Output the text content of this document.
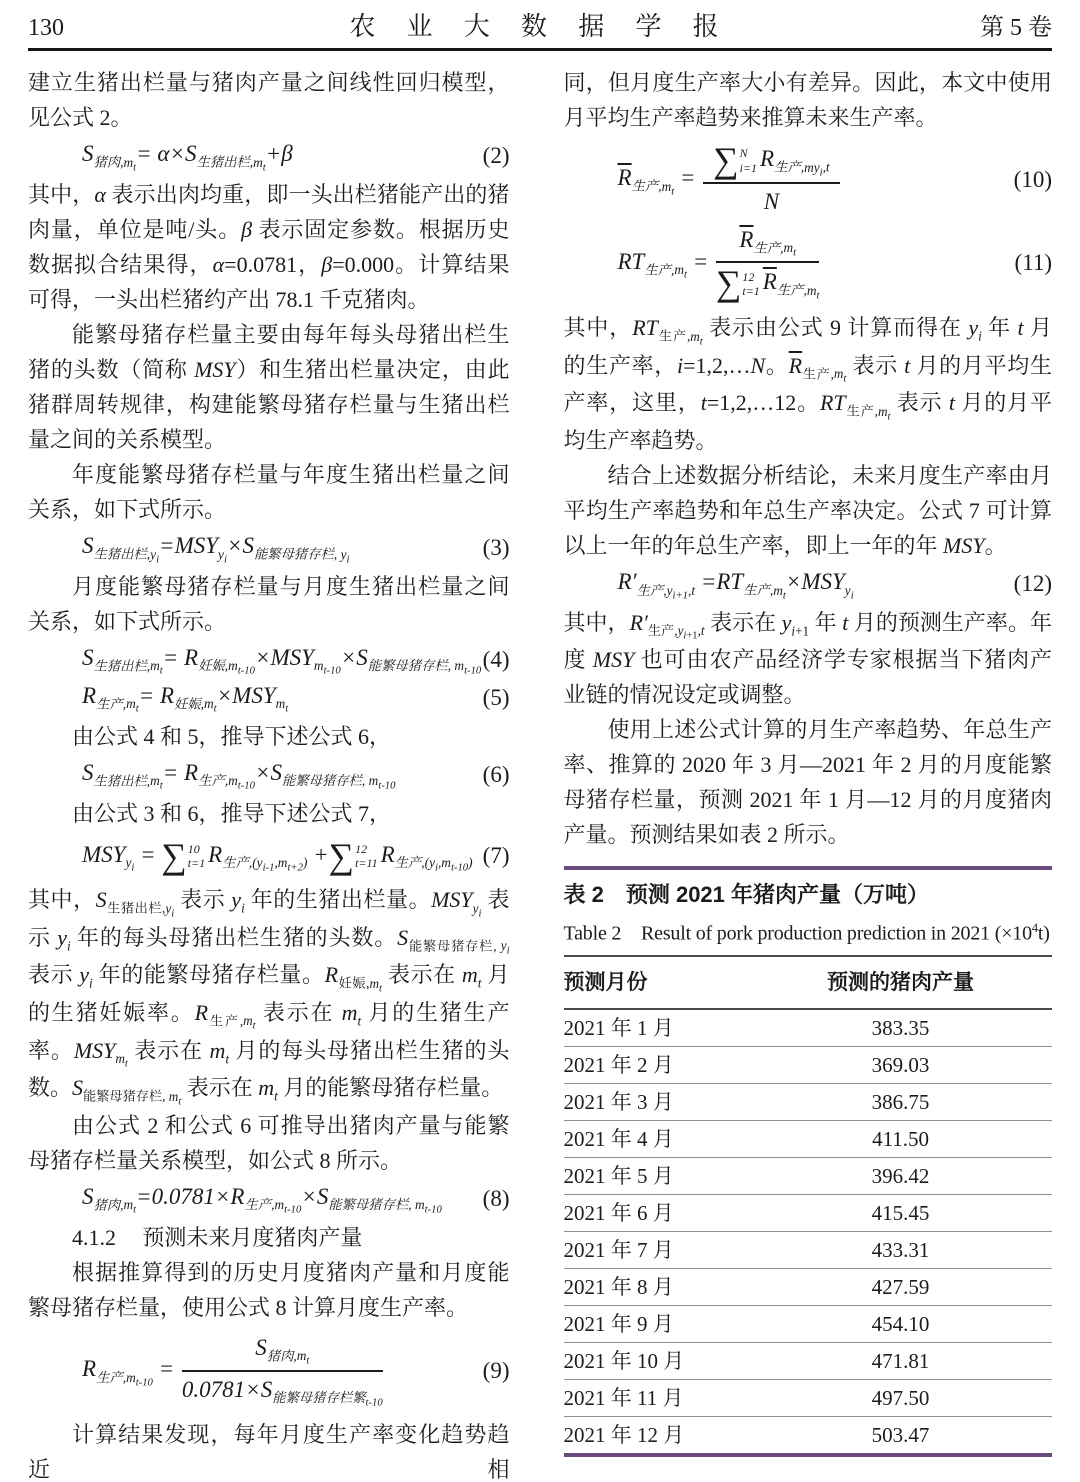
130	农 业 大 数 据 学 报	第 5 卷

建立生猪出栏量与猪肉产量之间线性回归模型，见公式 2。

$S_{猪肉,m_t}= \alpha\times S_{生猪出栏,m_t}+\beta$	(2)

其中，α 表示出肉均重，即一头出栏猪能产出的猪肉量，单位是吨/头。β 表示固定参数。根据历史数据拟合结果得，α=0.0781，β=0.000。计算结果可得，一头出栏猪约产出 78.1 千克猪肉。

能繁母猪存栏量主要由每年每头母猪出栏生猪的头数（简称 MSY）和生猪出栏量决定，由此猪群周转规律，构建能繁母猪存栏量与生猪出栏量之间的关系模型。

年度能繁母猪存栏量与年度生猪出栏量之间关系，如下式所示。

$S_{生猪出栏,y_i}=MSY_{y_i}\times S_{能繁母猪存栏, y_i}$	(3)

月度能繁母猪存栏量与月度生猪出栏量之间关系，如下式所示。

$S_{生猪出栏,m_t}= R_{妊娠,m_{t-10}}\times MSY_{m_{t-10}}\times S_{能繁母猪存栏, m_{t-10}}$ (4)
$R_{生产,m_t}= R_{妊娠,m_t}\times MSY_{m_t}$	(5)

由公式 4 和 5，推导下述公式 6，

$S_{生猪出栏,m_t}= R_{生产,m_{t-10}}\times S_{能繁母猪存栏, m_{t-10}}$	(6)

由公式 3 和 6，推导下述公式 7，

$MSY_{y_i}$ = ∑ 10
t=1 $R_{生产,(y_{i-1},m_{t+2})}$ + ∑ 12
t=11 $R_{生产,(y_i,m_{t-10})}$ (7)

其中，$S_{生猪出栏,y_i}$ 表示 $y_i$ 年的生猪出栏量。$MSY_{y_i}$ 表示 $y_i$ 年的每头母猪出栏生猪的头数。$S_{能繁母猪存栏, y_i}$ 表示 $y_i$ 年的能繁母猪存栏量。$R_{妊娠,m_t}$ 表示在 $m_t$ 月的生猪妊娠率。$R_{生产,m_t}$ 表示在 $m_t$ 月的生猪生产率。$MSY_{m_t}$ 表示在 $m_t$ 月的每头母猪出栏生猪的头数。$S_{能繁母猪存栏, m_t}$ 表示在 $m_t$ 月的能繁母猪存栏量。

由公式 2 和公式 6 可推导出猪肉产量与能繁母猪存栏量关系模型，如公式 8 所示。

$S_{猪肉,m_t}=0.0781\times R_{生产,m_{t-10}}\times S_{能繁母猪存栏, m_{t-10}}$ (8)

4.1.2 预测未来月度猪肉产量

根据推算得到的历史月度猪肉产量和月度能繁母猪存栏量，使用公式 8 计算月度生产率。

$R_{生产,m_{t-10}} = \frac{S_{猪肉,m_t}}{0.0781\times S_{能繁母猪存栏繁_{t-10}}}$	(9)

计算结果发现，每年月度生产率变化趋势趋近相

同，但月度生产率大小有差异。因此，本文中使用月平均生产率趋势来推算未来生产率。

$\overline{R}_{生产,m_t}$ = ∑ N
i=1 $R_{生产,my_i,t}$
N	(10)
$RT_{生产,m_t} = \overline{R}_{生产,m_t}$
∑ 12
t=1 $\overline{R}_{生产,m_t}$	(11)

其中，$RT_{生产,m_t}$ 表示由公式 9 计算而得在 $y_i$ 年 t 月的生产率，i=1,2,…N。$\overline{R}_{生产,m_t}$ 表示 t 月的月平均生产率，这里，t=1,2,…12。$RT_{生产,m_t}$ 表示 t 月的月平均生产率趋势。

结合上述数据分析结论，未来月度生产率由月平均生产率趋势和年总生产率决定。公式 7 可计算以上一年的年总生产率，即上一年的年 MSY。

$R'_{生产,y_{i+1},t} =RT_{生产,m_t}\times MSY_{y_i}$	(12)

其中，$R'_{生产,y_{i+1},t}$ 表示在 $y_{i+1}$ 年 t 月的预测生产率。年度 MSY 也可由农产品经济学专家根据当下猪肉产业链的情况设定或调整。

使用上述公式计算的月生产率趋势、年总生产率、推算的 2020 年 3 月—2021 年 2 月的月度能繁母猪存栏量，预测 2021 年 1 月—12 月的月度猪肉产量。预测结果如表 2 所示。

表 2　预测 2021 年猪肉产量（万吨）
Table 2　Result of pork production prediction in 2021 $(\times 10^4t)$
预测月份	预测的猪肉产量
2021 年 1 月	383.35
2021 年 2 月	369.03
2021 年 3 月	386.75
2021 年 4 月	411.50
2021 年 5 月	396.42
2021 年 6 月	415.45
2021 年 7 月	433.31
2021 年 8 月	427.59
2021 年 9 月	454.10
2021 年 10 月	471.81
2021 年 11 月	497.50
2021 年 12 月	503.47
